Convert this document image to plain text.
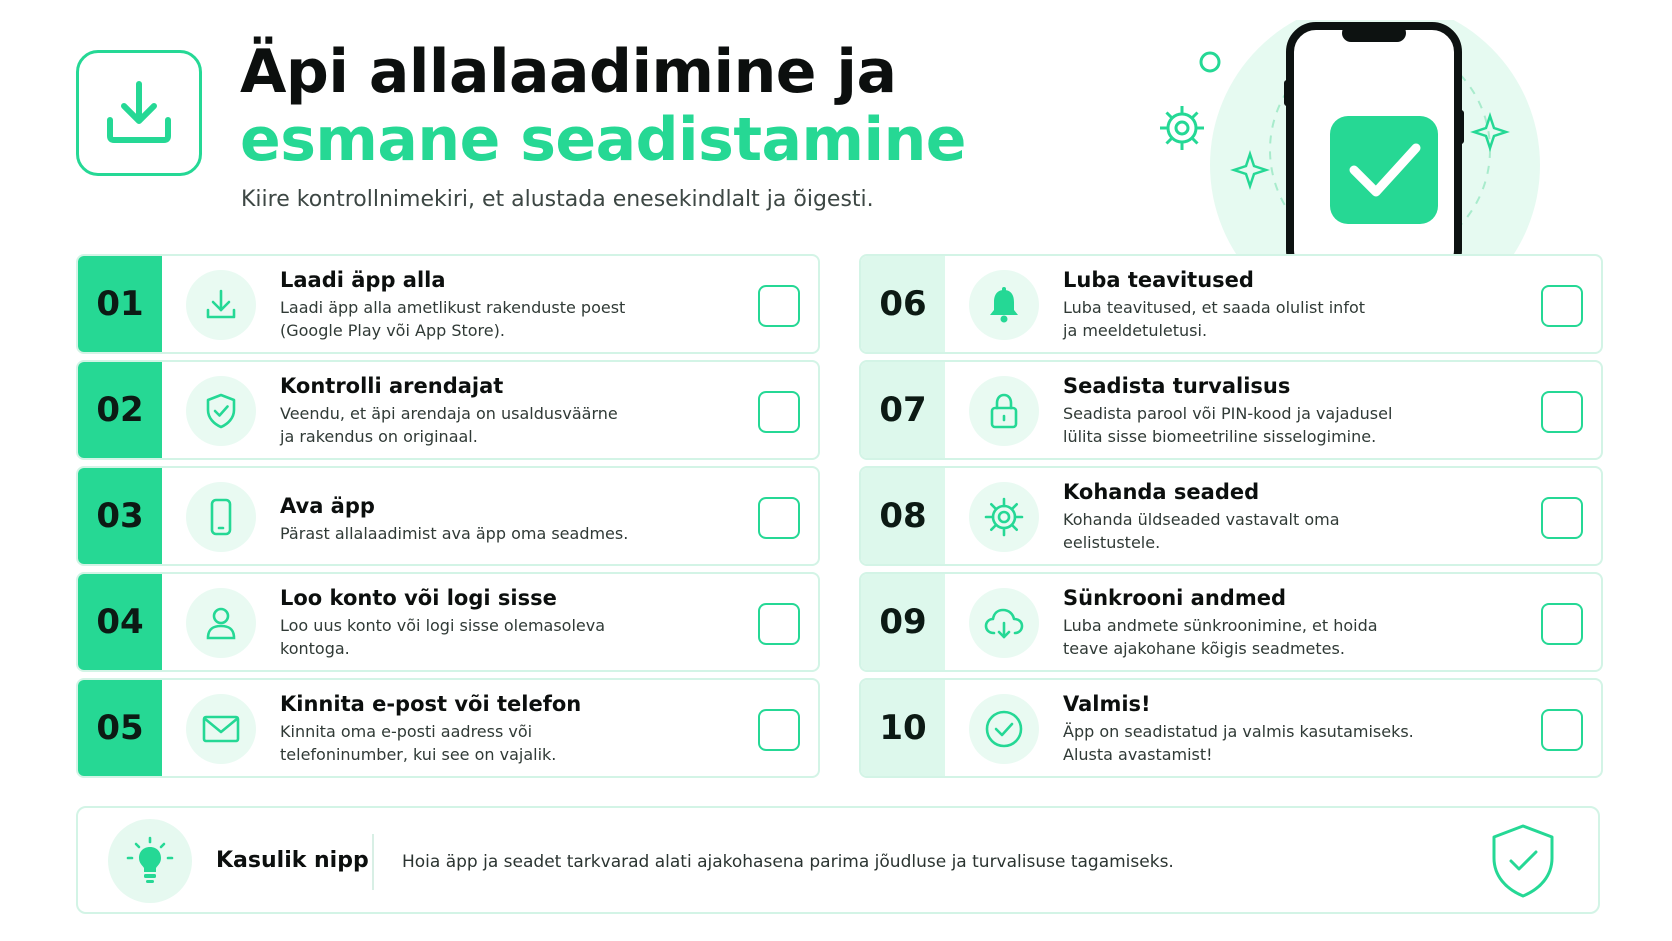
Äpi allalaadimine ja
esmane seadistamine
Kiire kontrollnimekiri, et alustada enesekindlalt ja õigesti.
01
Laadi äpp alla
Laadi äpp alla ametlikust rakenduste poest
(Google Play või App Store).
02
Kontrolli arendajat
Veendu, et äpi arendaja on usaldusväärne
ja rakendus on originaal.
03	Ava äpp
Pärast allalaadimist ava äpp oma seadmes.
04
Loo konto või logi sisse
Loo uus konto või logi sisse olemasoleva
kontoga.
05
Kinnita e-post või telefon
Kinnita oma e-posti aadress või
telefoninumber, kui see on vajalik.
06
Luba teavitused
Luba teavitused, et saada olulist infot
ja meeldetuletusi.
07
Seadista turvalisus
Seadista parool või PIN-kood ja vajadusel
lülita sisse biomeetriline sisselogimine.
08
Kohanda seaded
Kohanda üldseaded vastavalt oma
eelistustele.
09
Sünkrooni andmed
Luba andmete sünkroonimine, et hoida
teave ajakohane kõigis seadmetes.
10
Valmis!
Äpp on seadistatud ja valmis kasutamiseks.
Alusta avastamist!
Kasulik nipp Hoia äpp ja seadet tarkvarad alati ajakohasena parima jõudluse ja turvalisuse tagamiseks.
